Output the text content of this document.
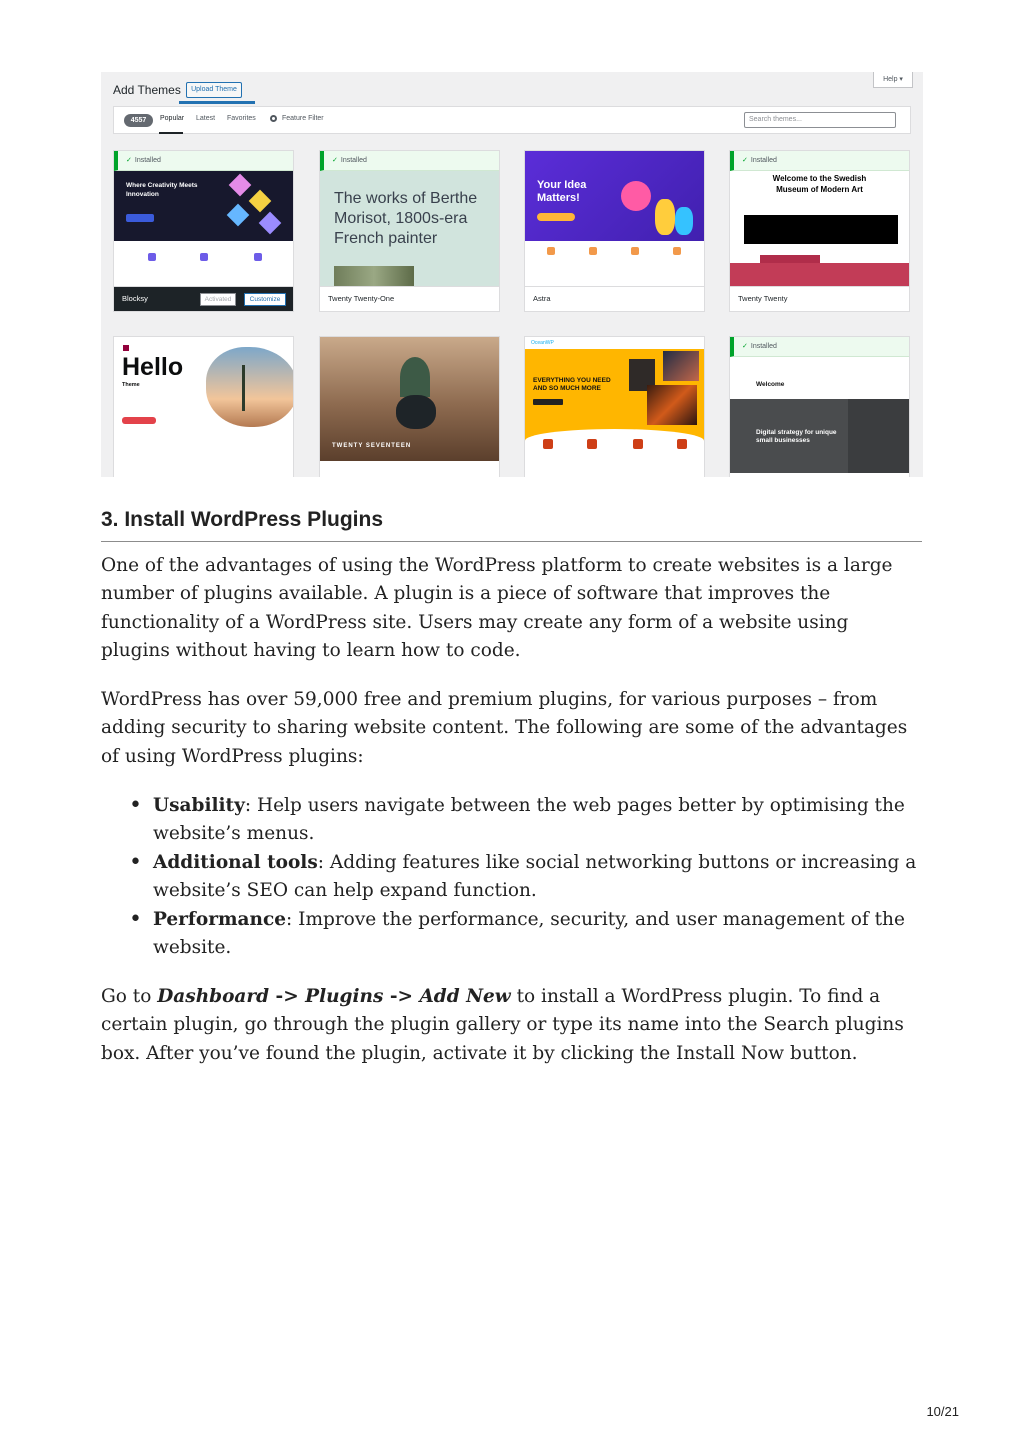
Add Themes	Upload Theme
Help ▾
4557	Popular Latest Favorites	Feature Filter	Search themes...
✓ Installed
Where Creativity Meets Innovation
Blocksy	Activated	Customize
✓ Installed
The works of Berthe Morisot, 1800s-era French painter
Twenty Twenty-One
Your Idea Matters!
Astra
✓ Installed
Welcome to the Swedish Museum of Modern Art
Twenty Twenty
Hello
Theme
TWENTY SEVENTEEN
OceanWP
EVERYTHING YOU NEED AND SO MUCH MORE
✓ Installed
Welcome
Digital strategy for unique small businesses
3. Install WordPress Plugins

One of the advantages of using the WordPress platform to create websites is a large number of plugins available. A plugin is a piece of software that improves the functionality of a WordPress site. Users may create any form of a website using plugins without having to learn how to code.

WordPress has over 59,000 free and premium plugins, for various purposes – from adding security to sharing website content. The following are some of the advantages of using WordPress plugins:

• Usability: Help users navigate between the web pages better by optimising the website’s menus.
• Additional tools: Adding features like social networking buttons or increasing a website’s SEO can help expand function.
• Performance: Improve the performance, security, and user management of the website.

Go to Dashboard -> Plugins -> Add New to install a WordPress plugin. To find a certain plugin, go through the plugin gallery or type its name into the Search plugins box. After you’ve found the plugin, activate it by clicking the Install Now button.

10/21
